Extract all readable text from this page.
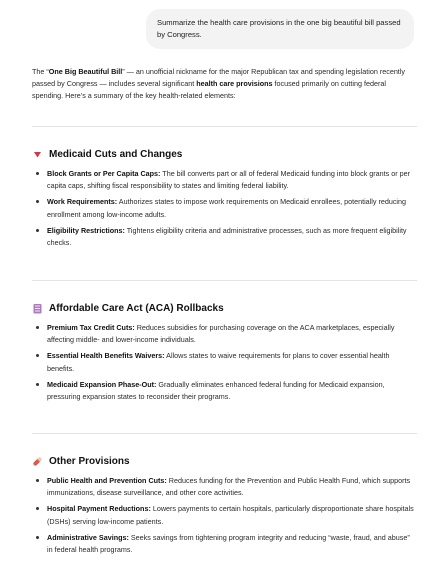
Summarize the health care provisions in the one big beautiful bill passed by Congress.
The “One Big Beautiful Bill” — an unofficial nickname for the major Republican tax and spending legislation recently passed by Congress — includes several significant health care provisions focused primarily on cutting federal spending. Here’s a summary of the key health-related elements:
Medicaid Cuts and Changes
Block Grants or Per Capita Caps: The bill converts part or all of federal Medicaid funding into block grants or per capita caps, shifting fiscal responsibility to states and limiting federal liability.
Work Requirements: Authorizes states to impose work requirements on Medicaid enrollees, potentially reducing enrollment among low-income adults.
Eligibility Restrictions: Tightens eligibility criteria and administrative processes, such as more frequent eligibility checks.
Affordable Care Act (ACA) Rollbacks
Premium Tax Credit Cuts: Reduces subsidies for purchasing coverage on the ACA marketplaces, especially affecting middle- and lower-income individuals.
Essential Health Benefits Waivers: Allows states to waive requirements for plans to cover essential health benefits.
Medicaid Expansion Phase-Out: Gradually eliminates enhanced federal funding for Medicaid expansion, pressuring expansion states to reconsider their programs.
Other Provisions
Public Health and Prevention Cuts: Reduces funding for the Prevention and Public Health Fund, which supports immunizations, disease surveillance, and other core activities.
Hospital Payment Reductions: Lowers payments to certain hospitals, particularly disproportionate share hospitals (DSHs) serving low-income patients.
Administrative Savings: Seeks savings from tightening program integrity and reducing “waste, fraud, and abuse” in federal health programs.
